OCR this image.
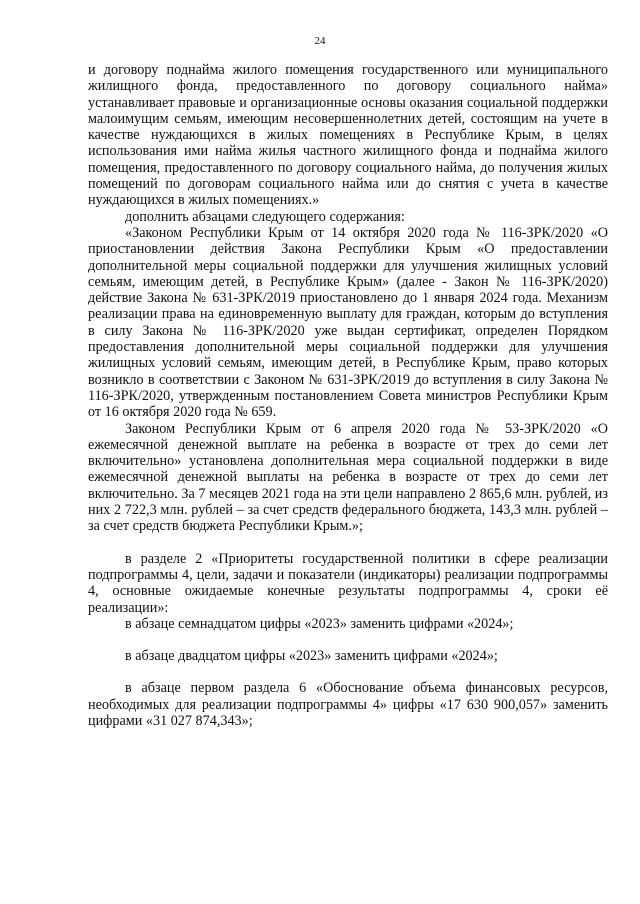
24

и договору поднайма жилого помещения государственного или муниципального жилищного фонда, предоставленного по договору социального найма» устанавливает правовые и организационные основы оказания социальной поддержки малоимущим семьям, имеющим несовершеннолетних детей, состоящим на учете в качестве нуждающихся в жилых помещениях в Республике Крым, в целях использования ими найма жилья частного жилищного фонда и поднайма жилого помещения, предоставленного по договору социального найма, до получения жилых помещений по договорам социального найма или до снятия с учета в качестве нуждающихся в жилых помещениях.»

дополнить абзацами следующего содержания:

«Законом Республики Крым от 14 октября 2020 года № 116-ЗРК/2020 «О приостановлении действия Закона Республики Крым «О предоставлении дополнительной меры социальной поддержки для улучшения жилищных условий семьям, имеющим детей, в Республике Крым» (далее - Закон № 116-ЗРК/2020) действие Закона № 631-ЗРК/2019 приостановлено до 1 января 2024 года. Механизм реализации права на единовременную выплату для граждан, которым до вступления в силу Закона № 116-ЗРК/2020 уже выдан сертификат, определен Порядком предоставления дополнительной меры социальной поддержки для улучшения жилищных условий семьям, имеющим детей, в Республике Крым, право которых возникло в соответствии с Законом № 631-ЗРК/2019 до вступления в силу Закона № 116-ЗРК/2020, утвержденным постановлением Совета министров Республики Крым от 16 октября 2020 года № 659.

Законом Республики Крым от 6 апреля 2020 года № 53-ЗРК/2020 «О ежемесячной денежной выплате на ребенка в возрасте от трех до семи лет включительно» установлена дополнительная мера социальной поддержки в виде ежемесячной денежной выплаты на ребенка в возрасте от трех до семи лет включительно. За 7 месяцев 2021 года на эти цели направлено 2 865,6 млн. рублей, из них 2 722,3 млн. рублей – за счет средств федерального бюджета, 143,3 млн. рублей – за счет средств бюджета Республики Крым.»;

в разделе 2 «Приоритеты государственной политики в сфере реализации подпрограммы 4, цели, задачи и показатели (индикаторы) реализации подпрограммы 4, основные ожидаемые конечные результаты подпрограммы 4, сроки её реализации»:

в абзаце семнадцатом цифры «2023» заменить цифрами «2024»;

в абзаце двадцатом цифры «2023» заменить цифрами «2024»;

в абзаце первом раздела 6 «Обоснование объема финансовых ресурсов, необходимых для реализации подпрограммы 4» цифры «17 630 900,057» заменить цифрами «31 027 874,343»;
